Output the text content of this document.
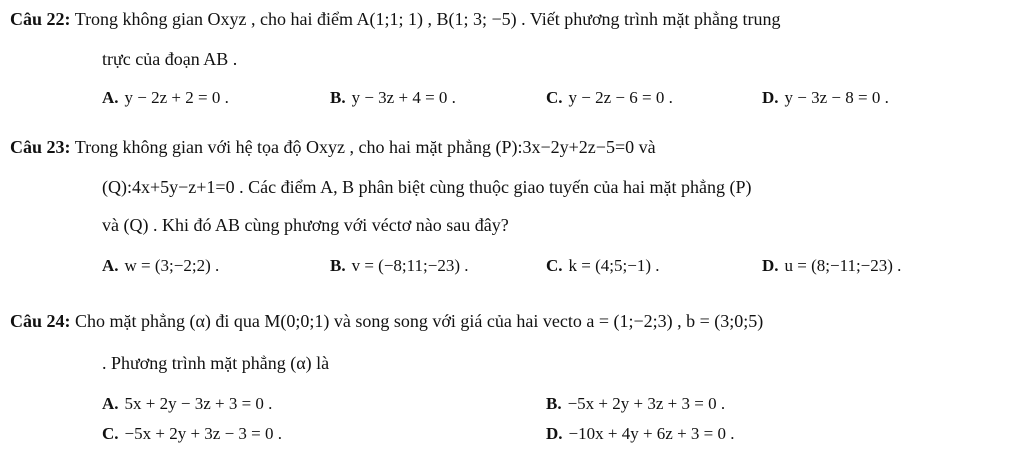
Câu 22: Trong không gian Oxyz , cho hai điểm A(1;1; 1) , B(1; 3; −5) . Viết phương trình mặt phẳng trung
trực của đoạn AB .
A. y − 2z + 2 = 0 .	B. y − 3z + 4 = 0 .	C. y − 2z − 6 = 0 .	D. y − 3z − 8 = 0 .
Câu 23: Trong không gian với hệ tọa độ Oxyz , cho hai mặt phẳng (P):3x−2y+2z−5=0 và
(Q):4x+5y−z+1=0 . Các điểm A, B phân biệt cùng thuộc giao tuyến của hai mặt phẳng (P)
và (Q) . Khi đó AB cùng phương với véctơ nào sau đây?
A. w = (3;−2;2) .	B. v = (−8;11;−23) .	C. k = (4;5;−1) .	D. u = (8;−11;−23) .
Câu 24: Cho mặt phẳng (α) đi qua M(0;0;1) và song song với giá của hai vecto a = (1;−2;3) , b = (3;0;5)
. Phương trình mặt phẳng (α) là
A. 5x + 2y − 3z + 3 = 0 .	B. −5x + 2y + 3z + 3 = 0 .
C. −5x + 2y + 3z − 3 = 0 .	D. −10x + 4y + 6z + 3 = 0 .
